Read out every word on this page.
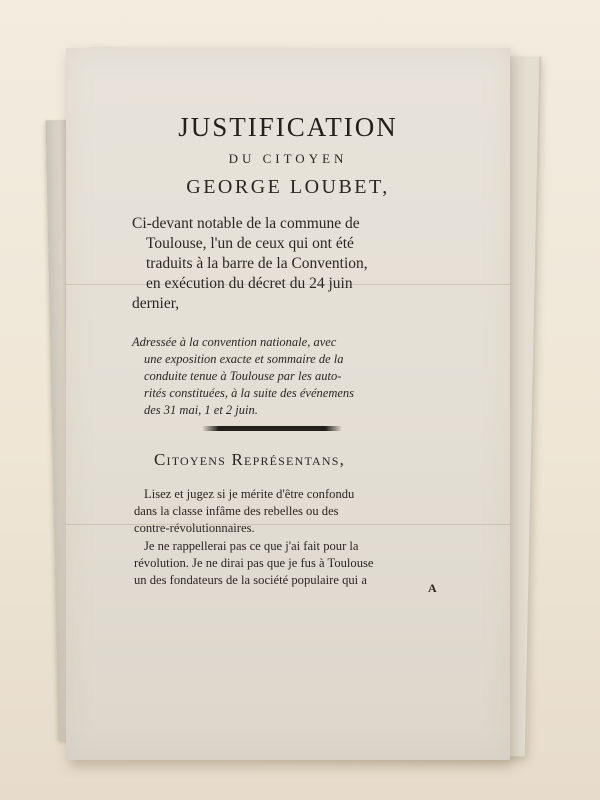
JUSTIFICATION
DU CITOYEN
GEORGE LOUBET,
Ci-devant notable de la commune de
Toulouse, l'un de ceux qui ont été
traduits à la barre de la Convention,
en exécution du décret du 24 juin
dernier,
Adressée à la convention nationale, avec
une exposition exacte et sommaire de la
conduite tenue à Toulouse par les auto-
rités constituées, à la suite des événemens
des 31 mai, 1 et 2 juin.
Citoyens Représentans,
Lisez et jugez si je mérite d'être confondu
dans la classe infâme des rebelles ou des
contre-révolutionnaires.
Je ne rappellerai pas ce que j'ai fait pour la
révolution. Je ne dirai pas que je fus à Toulouse
un des fondateurs de la société populaire qui a
A
